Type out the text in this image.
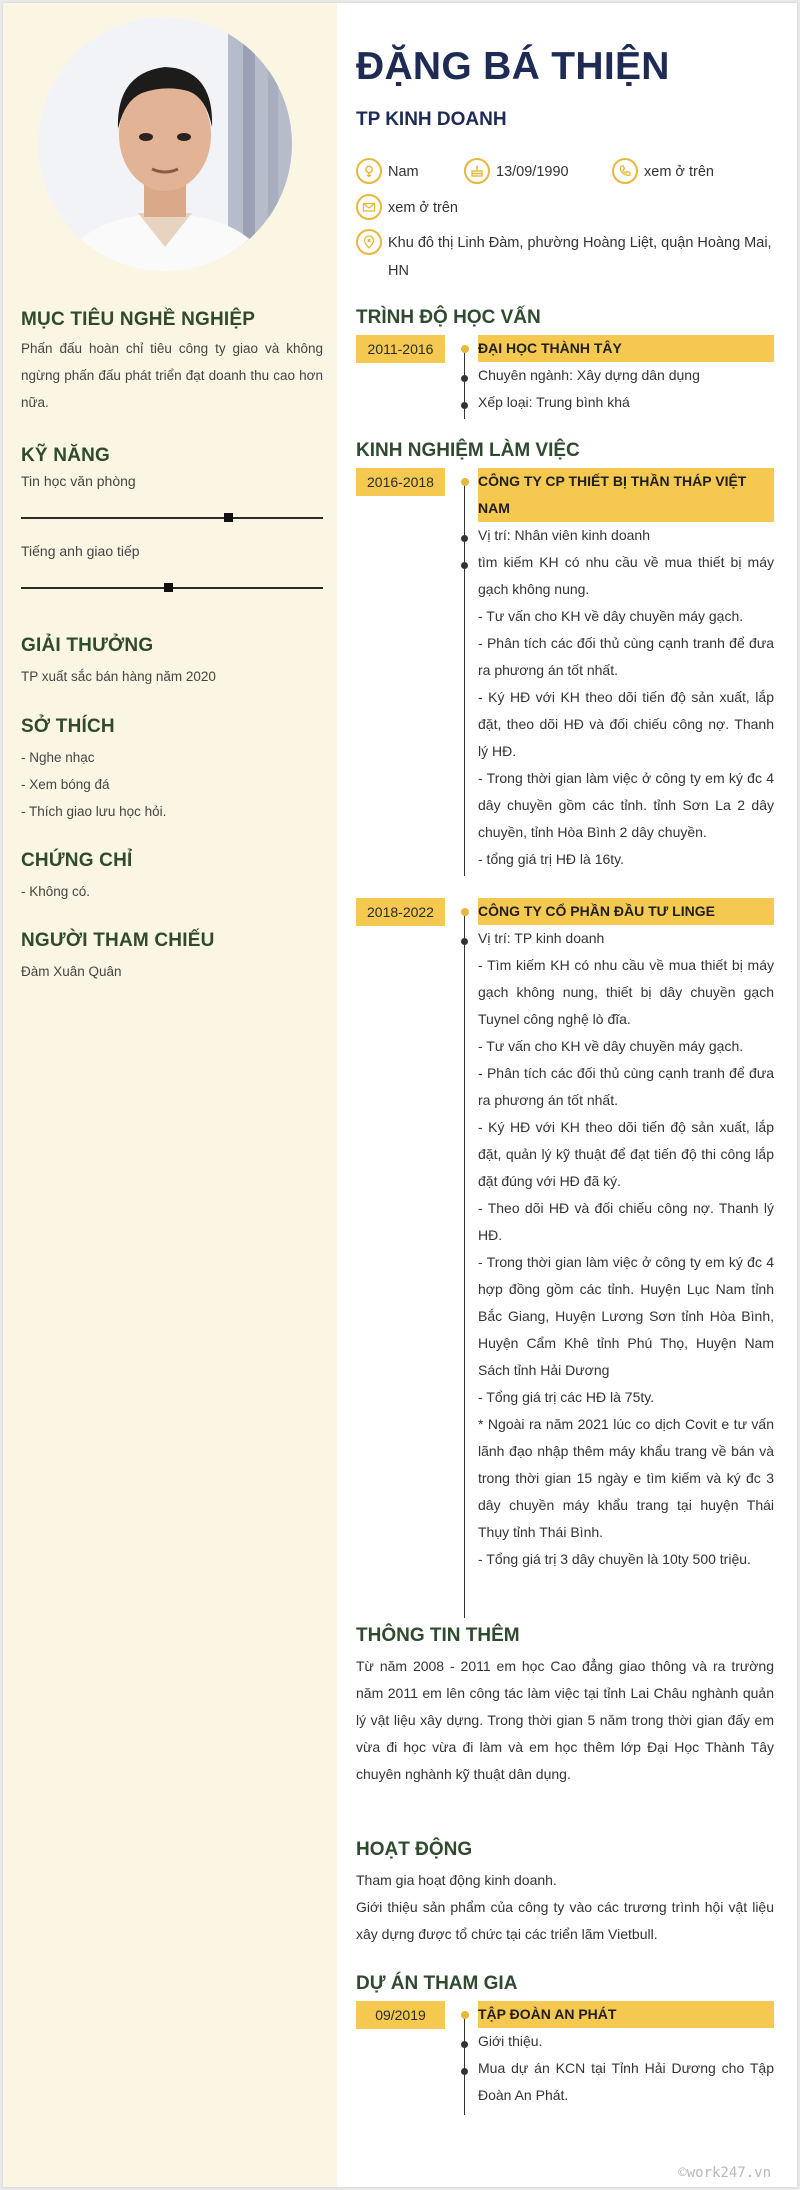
MỤC TIÊU NGHỀ NGHIỆP
Phấn đấu hoàn chỉ tiêu công ty giao và không ngừng phấn đấu phát triển đạt doanh thu cao hơn nữa.
KỸ NĂNG
Tin học văn phòng
Tiếng anh giao tiếp
GIẢI THƯỞNG
TP xuất sắc bán hàng năm 2020
SỞ THÍCH
- Nghe nhạc
- Xem bóng đá
- Thích giao lưu học hỏi.
CHỨNG CHỈ
- Không có.
NGƯỜI THAM CHIẾU
Đàm Xuân Quân
ĐẶNG BÁ THIỆN
TP KINH DOANH
Nam	13/09/1990	xem ở trên
xem ở trên
Khu đô thị Linh Đàm, phường Hoàng Liệt, quận Hoàng Mai, HN
TRÌNH ĐỘ HỌC VẤN
2011-2016	ĐẠI HỌC THÀNH TÂY
Chuyên ngành: Xây dựng dân dụng
Xếp loại: Trung bình khá
KINH NGHIỆM LÀM VIỆC
2016-2018	CÔNG TY CP THIẾT BỊ THẦN THÁP VIỆT NAM
Vị trí: Nhân viên kinh doanh
tìm kiếm KH có nhu cầu về mua thiết bị máy gạch không nung.
- Tư vấn cho KH về dây chuyền máy gạch.
- Phân tích các đối thủ cùng cạnh tranh để đưa ra phương án tốt nhất.
- Ký HĐ với KH theo dõi tiến độ sản xuất, lắp đặt, theo dõi HĐ và đối chiếu công nợ. Thanh lý HĐ.
- Trong thời gian làm việc ở công ty em ký đc 4 dây chuyền gồm các tỉnh. tỉnh Sơn La 2 dây chuyền, tỉnh Hòa Bình 2 dây chuyền.
- tổng giá trị HĐ là 16ty.
2018-2022	CÔNG TY CỔ PHẦN ĐẦU TƯ LINGE
Vị trí: TP kinh doanh
- Tìm kiếm KH có nhu cầu về mua thiết bị máy gạch không nung, thiết bị dây chuyền gạch Tuynel công nghệ lò đĩa.
- Tư vấn cho KH về dây chuyền máy gạch.
- Phân tích các đối thủ cùng cạnh tranh để đưa ra phương án tốt nhất.
- Ký HĐ với KH theo dõi tiến độ sản xuất, lắp đặt, quản lý kỹ thuật để đạt tiến độ thi công lắp đặt đúng với HĐ đã ký.
- Theo dõi HĐ và đối chiếu công nợ. Thanh lý HĐ.
- Trong thời gian làm việc ở công ty em ký đc 4 hợp đồng gồm các tỉnh. Huyện Lục Nam tỉnh Bắc Giang, Huyện Lương Sơn tỉnh Hòa Bình, Huyện Cẩm Khê tỉnh Phú Thọ, Huyện Nam Sách tỉnh Hải Dương
- Tổng giá trị các HĐ là 75ty.
* Ngoài ra năm 2021 lúc co dịch Covit e tư vấn lãnh đạo nhập thêm máy khẩu trang về bán và trong thời gian 15 ngày e tìm kiếm và ký đc 3 dây chuyền máy khẩu trang tại huyện Thái Thụy tỉnh Thái Bình.
- Tổng giá trị 3 dây chuyền là 10ty 500 triệu.
THÔNG TIN THÊM
Từ năm 2008 - 2011 em học Cao đẳng giao thông và ra trường năm 2011 em lên công tác làm việc tại tỉnh Lai Châu nghành quản lý vật liệu xây dựng. Trong thời gian 5 năm trong thời gian đấy em vừa đi học vừa đi làm và em học thêm lớp Đại Học Thành Tây chuyên nghành kỹ thuật dân dụng.
HOẠT ĐỘNG
Tham gia hoạt động kinh doanh.
Giới thiệu sản phẩm của công ty vào các trương trình hội vật liệu xây dựng được tổ chức tại các triển lãm Vietbull.
DỰ ÁN THAM GIA
09/2019	TẬP ĐOÀN AN PHÁT
Giới thiệu.
Mua dự án KCN tại Tỉnh Hải Dương cho Tập Đoàn An Phát.
©work247.vn
